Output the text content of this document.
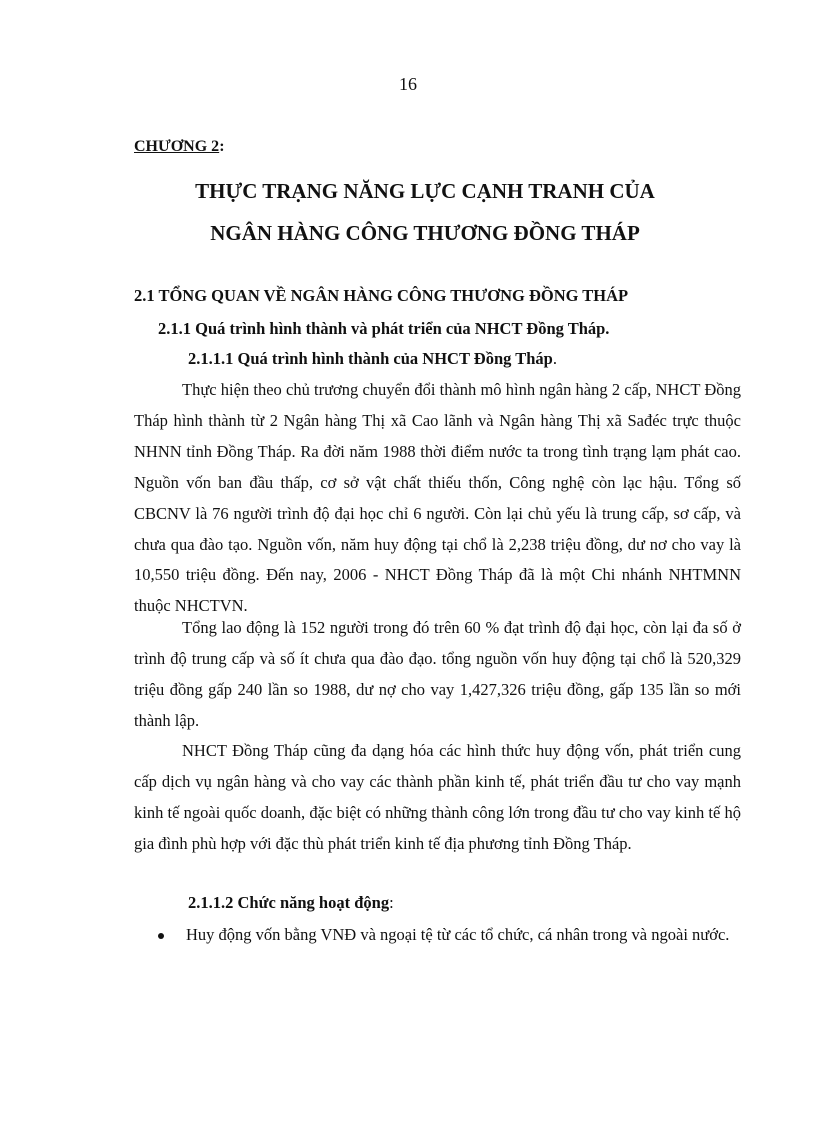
16
CHƯƠNG 2:
THỰC TRẠNG NĂNG LỰC CẠNH TRANH CỦA
NGÂN HÀNG CÔNG THƯƠNG ĐỒNG THÁP
2.1 TỔNG QUAN VỀ NGÂN HÀNG CÔNG THƯƠNG ĐỒNG THÁP
2.1.1 Quá trình hình thành và phát triển của NHCT Đồng Tháp.
2.1.1.1 Quá trình hình thành của NHCT Đồng Tháp.

Thực hiện theo chủ trương chuyển đổi thành mô hình ngân hàng 2 cấp, NHCT Đồng Tháp hình thành từ 2 Ngân hàng Thị xã Cao lãnh và Ngân hàng Thị xã Sađéc trực thuộc NHNN tỉnh Đồng Tháp. Ra đời năm 1988 thời điểm nước ta trong tình trạng lạm phát cao. Nguồn vốn ban đầu thấp, cơ sở vật chất thiếu thốn, Công nghệ còn lạc hậu. Tổng số CBCNV là 76 người trình độ đại học chỉ 6 người. Còn lại chủ yếu là trung cấp, sơ cấp, và chưa qua đào tạo. Nguồn vốn, năm huy động tại chổ là 2,238 triệu đồng, dư nơ cho vay là 10,550 triệu đồng. Đến nay, 2006 - NHCT Đồng Tháp đã là một Chi nhánh NHTMNN thuộc NHCTVN.

Tổng lao động là 152 người trong đó trên 60 % đạt trình độ đại học, còn lại đa số ở trình độ trung cấp và số ít chưa qua đào đạo. tổng nguồn vốn huy động tại chổ là 520,329 triệu đồng gấp 240 lần so 1988, dư nợ cho vay 1,427,326 triệu đồng, gấp 135 lần so mới thành lập.

NHCT Đồng Tháp cũng đa dạng hóa các hình thức huy động vốn, phát triển cung cấp dịch vụ ngân hàng và cho vay các thành phần kinh tế, phát triển đầu tư cho vay mạnh kinh tế ngoài quốc doanh, đặc biệt có những thành công lớn trong đầu tư cho vay kinh tế hộ gia đình phù hợp với đặc thù phát triển kinh tế địa phương tỉnh Đồng Tháp.

2.1.1.2 Chức năng hoạt động:
Huy động vốn bằng VNĐ và ngoại tệ từ các tổ chức, cá nhân trong và ngoài nước.
